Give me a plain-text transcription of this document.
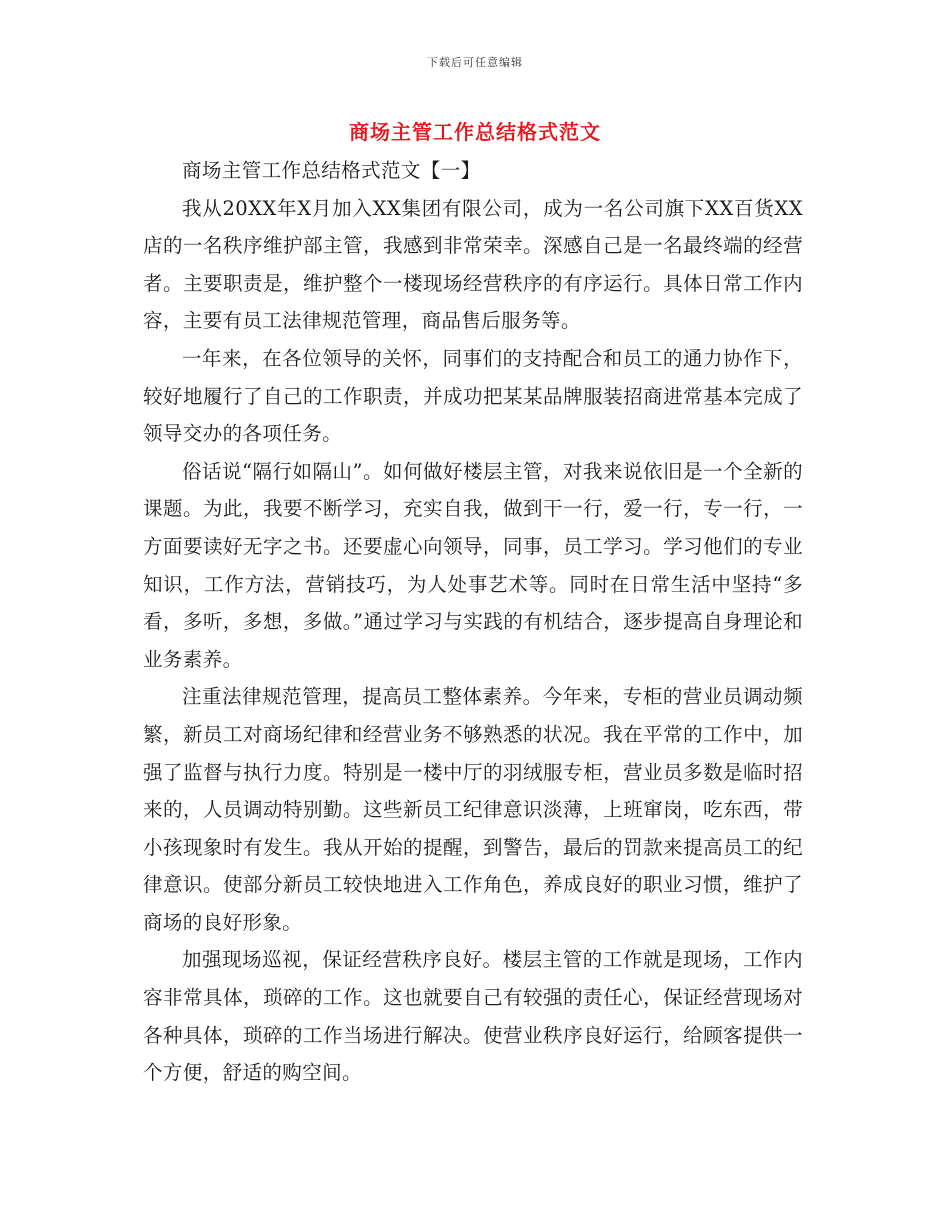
下载后可任意编辑
商场主管工作总结格式范文

商场主管工作总结格式范文【一】

我从20XX年X月加入XX集团有限公司，成为一名公司旗下XX百货XX店的一名秩序维护部主管，我感到非常荣幸。深感自己是一名最终端的经营者。主要职责是，维护整个一楼现场经营秩序的有序运行。具体日常工作内容，主要有员工法律规范管理，商品售后服务等。

一年来，在各位领导的关怀，同事们的支持配合和员工的通力协作下，较好地履行了自己的工作职责，并成功把某某品牌服装招商进常基本完成了领导交办的各项任务。

俗话说“隔行如隔山”。如何做好楼层主管，对我来说依旧是一个全新的课题。为此，我要不断学习，充实自我，做到干一行，爱一行，专一行，一方面要读好无字之书。还要虚心向领导，同事，员工学习。学习他们的专业知识，工作方法，营销技巧，为人处事艺术等。同时在日常生活中坚持“多看，多听，多想，多做。”通过学习与实践的有机结合，逐步提高自身理论和业务素养。

注重法律规范管理，提高员工整体素养。今年来，专柜的营业员调动频繁，新员工对商场纪律和经营业务不够熟悉的状况。我在平常的工作中，加强了监督与执行力度。特别是一楼中厅的羽绒服专柜，营业员多数是临时招来的，人员调动特别勤。这些新员工纪律意识淡薄，上班窜岗，吃东西，带小孩现象时有发生。我从开始的提醒，到警告，最后的罚款来提高员工的纪律意识。使部分新员工较快地进入工作角色，养成良好的职业习惯，维护了商场的良好形象。

加强现场巡视，保证经营秩序良好。楼层主管的工作就是现场，工作内容非常具体，琐碎的工作。这也就要自己有较强的责任心，保证经营现场对各种具体，琐碎的工作当场进行解决。使营业秩序良好运行，给顾客提供一个方便，舒适的购空间。
